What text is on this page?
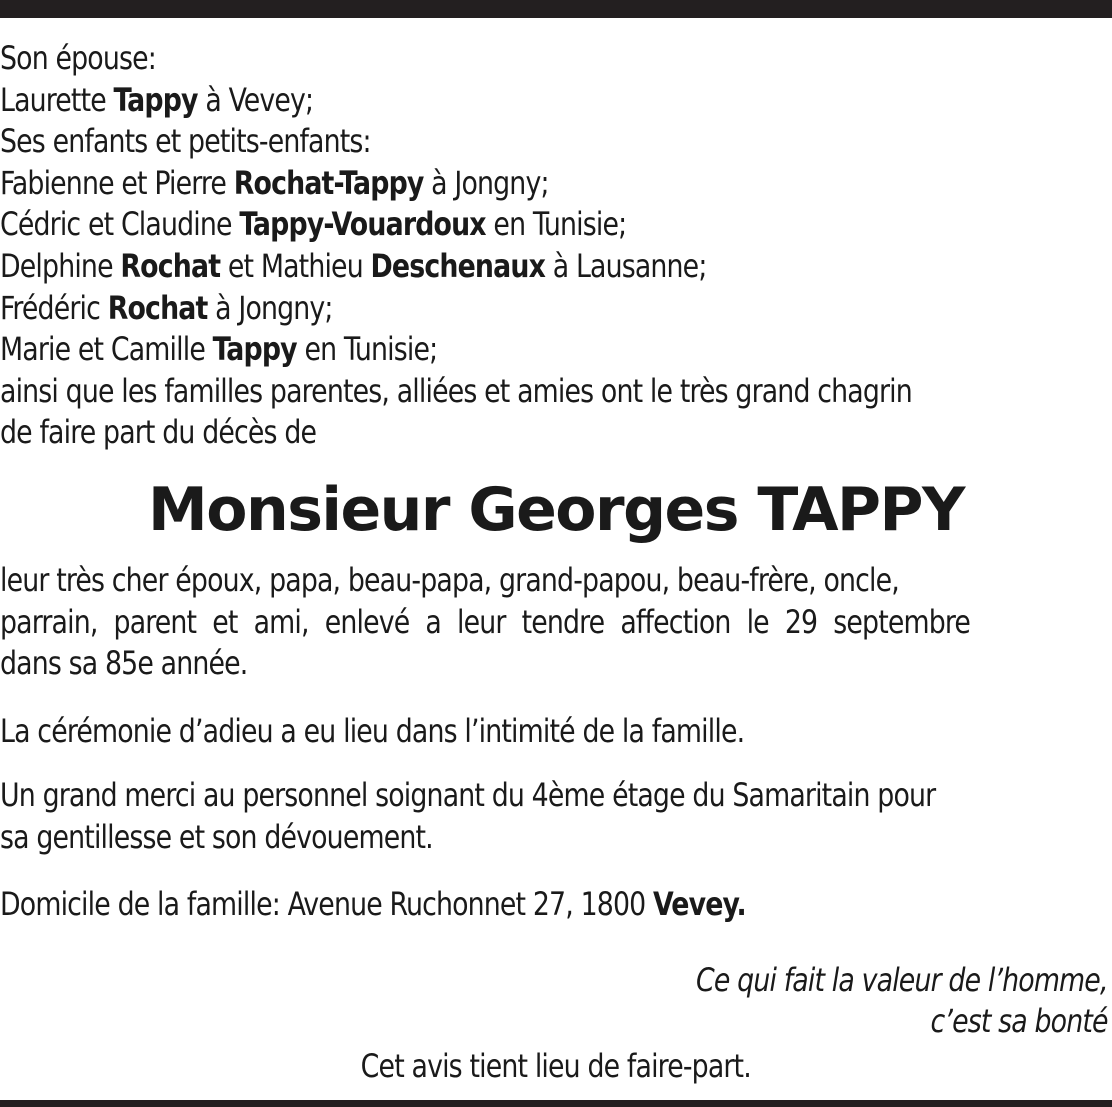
Son épouse:
Laurette Tappy à Vevey;
Ses enfants et petits-enfants:
Fabienne et Pierre Rochat-Tappy à Jongny;
Cédric et Claudine Tappy-Vouardoux en Tunisie;
Delphine Rochat et Mathieu Deschenaux à Lausanne;
Frédéric Rochat à Jongny;
Marie et Camille Tappy en Tunisie;
ainsi que les familles parentes, alliées et amies ont le très grand chagrin
de faire part du décès de
Monsieur Georges TAPPY
leur très cher époux, papa, beau-papa, grand-papou, beau-frère, oncle,
parrain, parent et ami, enlevé a leur tendre affection le 29 septembre
dans sa 85e année.
La cérémonie d’adieu a eu lieu dans l’intimité de la famille.
Un grand merci au personnel soignant du 4ème étage du Samaritain pour
sa gentillesse et son dévouement.
Domicile de la famille: Avenue Ruchonnet 27, 1800 Vevey.
Ce qui fait la valeur de l’homme,
c’est sa bonté
Cet avis tient lieu de faire-part.
